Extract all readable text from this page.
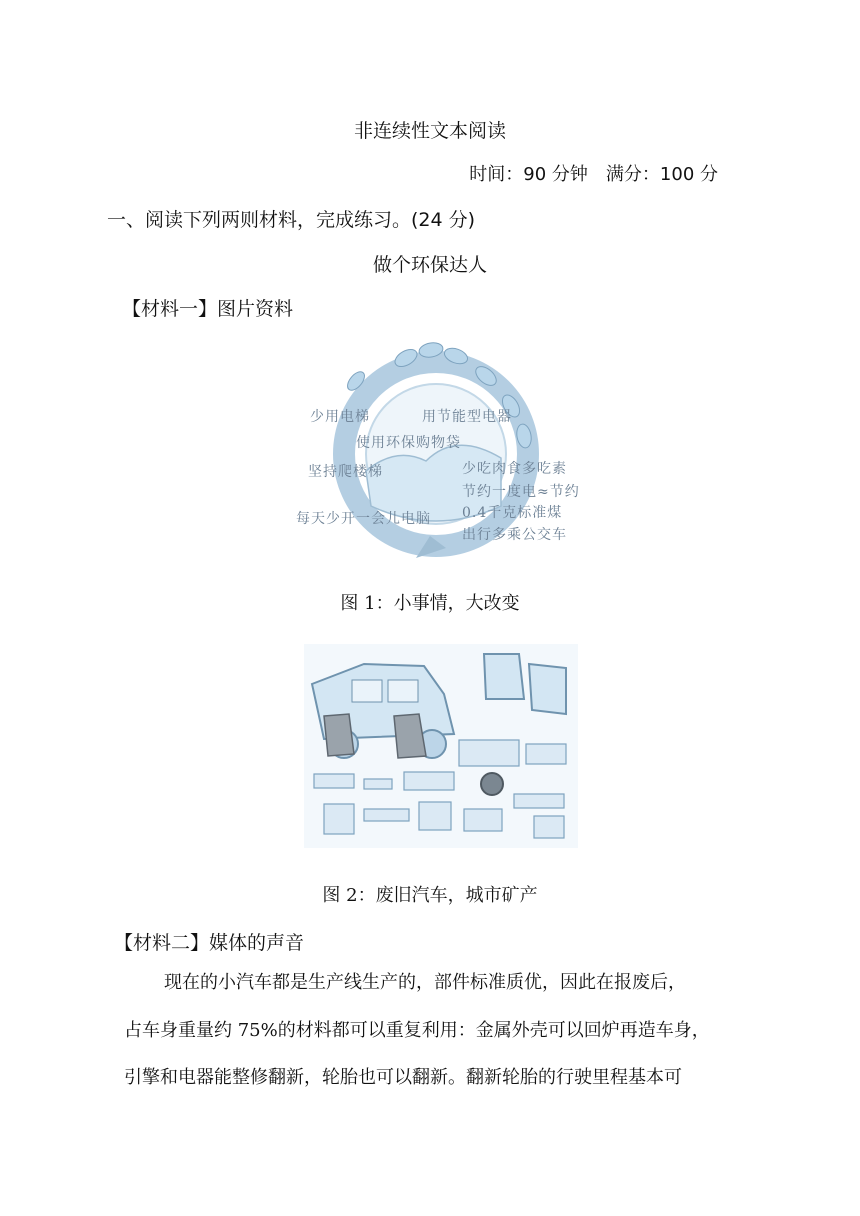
非连续性文本阅读
时间：90 分钟　满分：100 分
一、阅读下列两则材料，完成练习。(24 分)
做个环保达人
【材料一】图片资料
少用电梯	用节能型电器
使用环保购物袋
坚持爬楼梯	少吃肉食多吃素
节约一度电≈节约
每天少开一会儿电脑 0.4千克标准煤
出行多乘公交车
图 1：小事情，大改变
图 2：废旧汽车，城市矿产
【材料二】媒体的声音
现在的小汽车都是生产线生产的，部件标准质优，因此在报废后，
占车身重量约 75%的材料都可以重复利用：金属外壳可以回炉再造车身，
引擎和电器能整修翻新，轮胎也可以翻新。翻新轮胎的行驶里程基本可
